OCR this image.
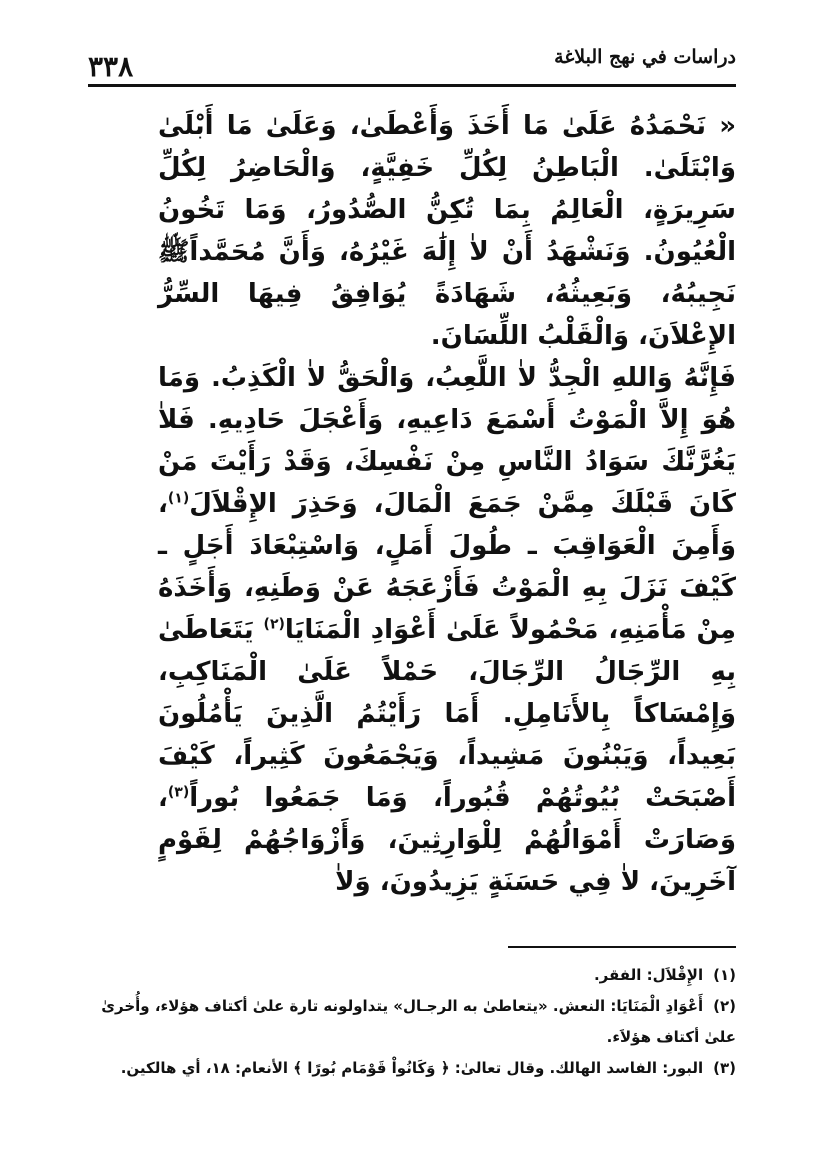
دراسات في نهج البلاغة
٣٣٨

« نَحْمَدُهُ عَلَىٰ مَا أَخَذَ وَأَعْطَىٰ، وَعَلَىٰ مَا أَبْلَىٰ وَابْتَلَىٰ. الْبَاطِنُ لِكُلِّ خَفِيَّةٍ، وَالْحَاضِرُ لِكُلِّ سَرِيرَةٍ، الْعَالِمُ بِمَا تُكِنُّ الصُّدُورُ، وَمَا تَخُونُ الْعُيُونُ. وَنَشْهَدُ أَنْ لاٰ إِلَٰهَ غَيْرُهُ، وَأَنَّ مُحَمَّداًﷺ نَجِيبُهُ، وَبَعِيثُهُ، شَهَادَةً يُوَافِقُ فِيهَا السِّرُّ الإِعْلاَنَ، وَالْقَلْبُ اللِّسَانَ.

فَإِنَّهُ وَاللهِ الْجِدُّ لاٰ اللَّعِبُ، وَالْحَقُّ لاٰ الْكَذِبُ. وَمَا هُوَ إِلاَّ الْمَوْتُ أَسْمَعَ دَاعِيهِ، وَأَعْجَلَ حَادِيهِ. فَلاٰ يَغُرَّنَّكَ سَوَادُ النَّاسِ مِنْ نَفْسِكَ، وَقَدْ رَأَيْتَ مَنْ كَانَ قَبْلَكَ مِمَّنْ جَمَعَ الْمَالَ، وَحَذِرَ الإِقْلاَلَ$^{(١)}$، وَأَمِنَ الْعَوَاقِبَ ـ طُولَ أَمَلٍ، وَاسْتِبْعَادَ أَجَلٍ ـ كَيْفَ نَزَلَ بِهِ الْمَوْتُ فَأَزْعَجَهُ عَنْ وَطَنِهِ، وَأَخَذَهُ مِنْ مَأْمَنِهِ، مَحْمُولاً عَلَىٰ أَعْوَادِ الْمَنَايَا$^{(٢)}$ يَتَعَاطَىٰ بِهِ الرِّجَالُ الرِّجَالَ، حَمْلاً عَلَىٰ الْمَنَاكِبِ، وَإِمْسَاكاً بِالأَنَامِلِ. أَمَا رَأَيْتُمُ الَّذِينَ يَأْمُلُونَ بَعِيداً، وَيَبْنُونَ مَشِيداً، وَيَجْمَعُونَ كَثِيراً، كَيْفَ أَصْبَحَتْ بُيُوتُهُمْ قُبُوراً، وَمَا جَمَعُوا بُوراً$^{(٣)}$، وَصَارَتْ أَمْوَالُهُمْ لِلْوَارِثِينَ، وَأَزْوَاجُهُمْ لِقَوْمٍ آخَرِينَ، لاٰ فِي حَسَنَةٍ يَزِيدُونَ، وَلاٰ

(١)الإِقْلاَل: الفقر.

(٢)أَعْوَادِ الْمَنَايَا: النعش. «يتعاطىٰ به الرجـال» يتداولونه تارة علىٰ أكتاف هؤلاء، وأُخرىٰ علىٰ أكتاف هؤلاَء.

(٣)البور: الفاسد الهالك. وقال تعالىٰ: ﴿ وَكَانُواْ قَوْمَام بُورًا ﴾ الأنعام: ١٨، أي هالكين.
